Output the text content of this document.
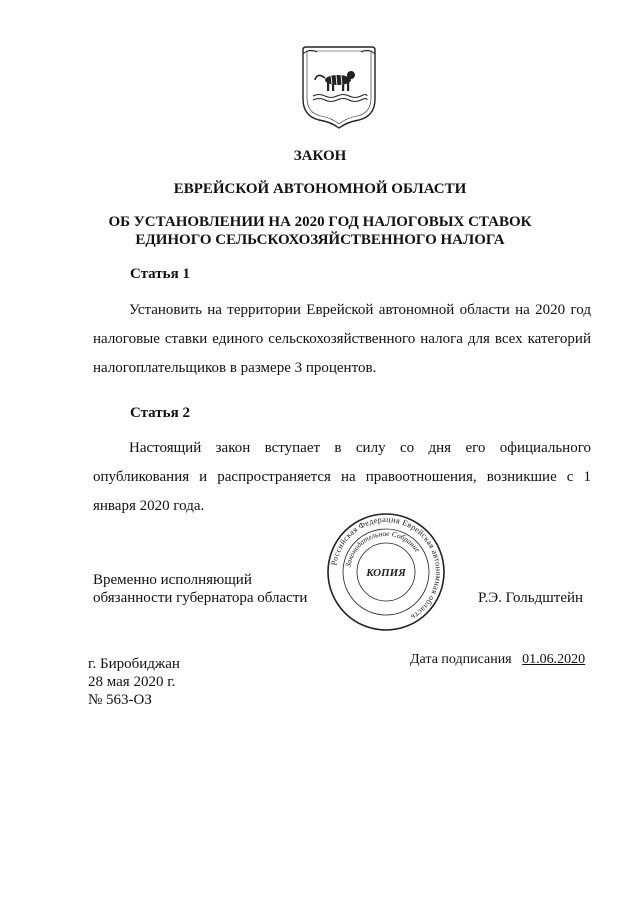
ЗАКОН
ЕВРЕЙСКОЙ АВТОНОМНОЙ ОБЛАСТИ
ОБ УСТАНОВЛЕНИИ НА 2020 ГОД НАЛОГОВЫХ СТАВОК
ЕДИНОГО СЕЛЬСКОХОЗЯЙСТВЕННОГО НАЛОГА
Статья 1
Установить на территории Еврейской автономной области на 2020 год налоговые ставки единого сельскохозяйственного налога для всех категорий налогоплательщиков в размере 3 процентов.
Статья 2
Настоящий закон вступает в силу со дня его официального опубликования и распространяется на правоотношения, возникшие с 1 января 2020 года.
Временно исполняющий
обязанности губернатора области	Р.Э. Гольдштейн
Российская Федерация Еврейская автономная область
Законодательное Собрание
КОПИЯ
г. Биробиджан
28 мая 2020 г.
№ 563-ОЗ
Дата подписания 01.06.2020
